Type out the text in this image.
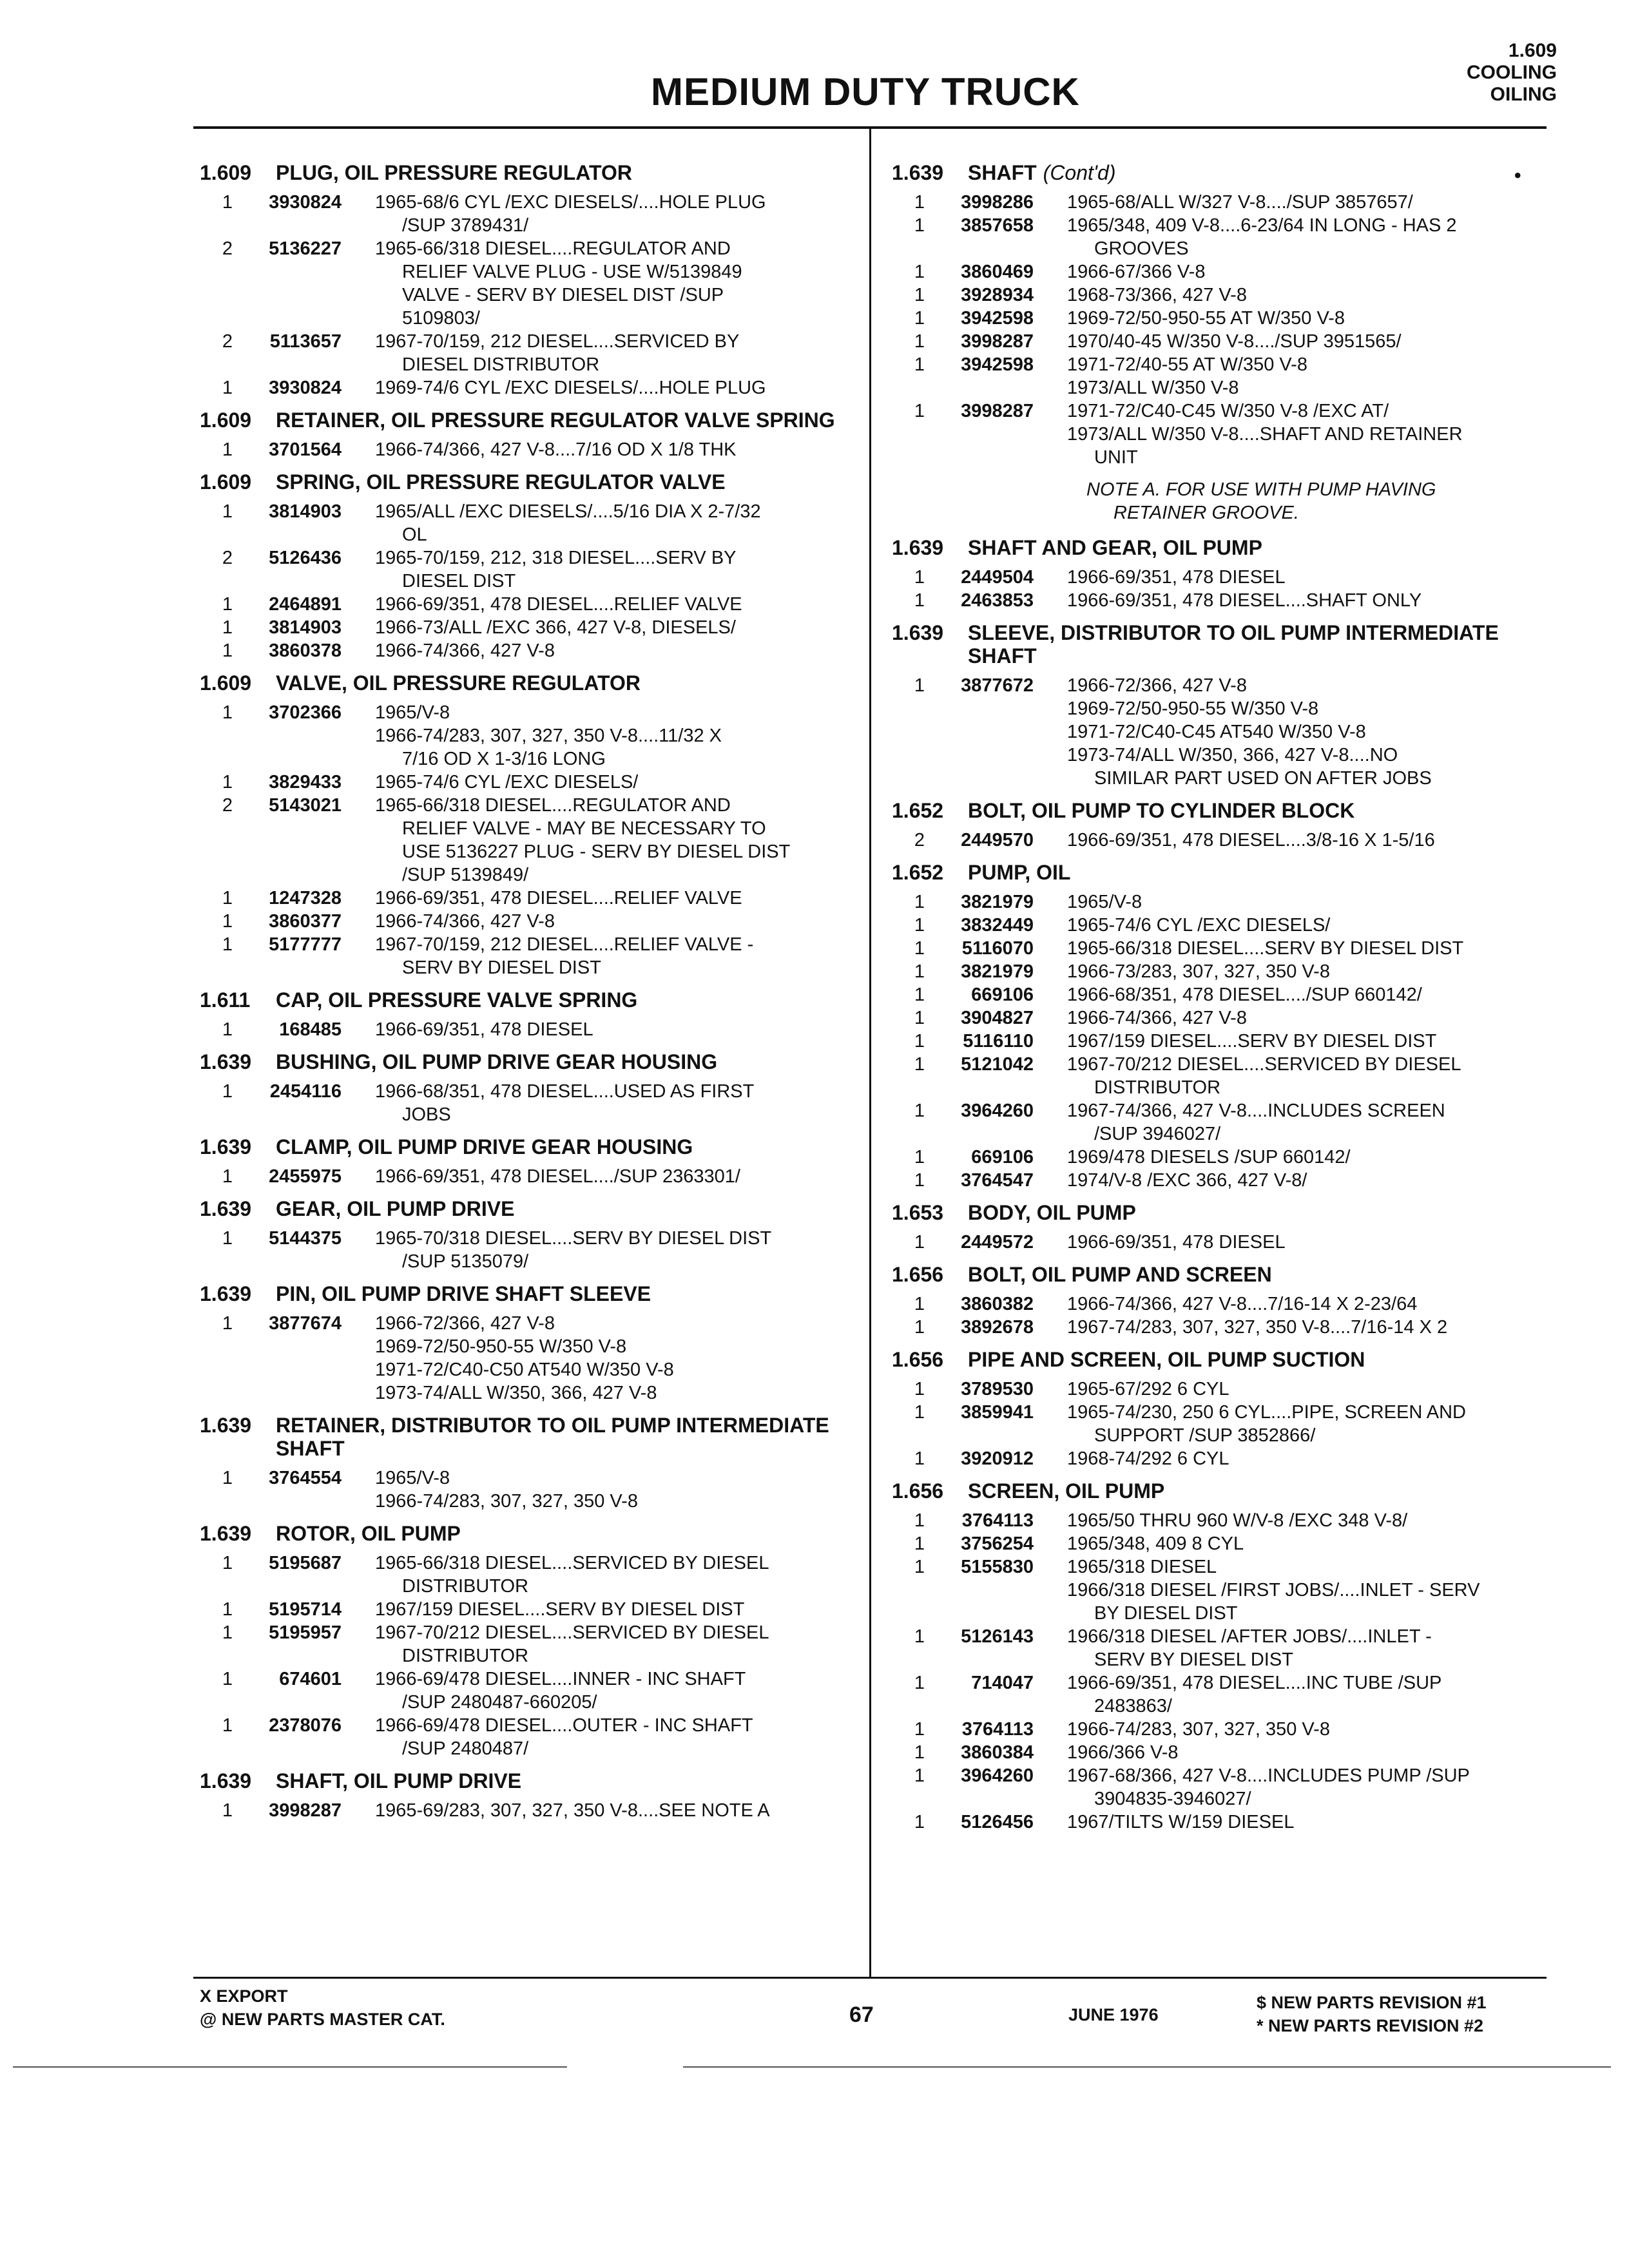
MEDIUM DUTY TRUCK
1.609
COOLING
OILING
•
1.609	PLUG, OIL PRESSURE REGULATOR
1	3930824 1965-68/6 CYL /EXC DIESELS/....HOLE PLUG
/SUP 3789431/
2	5136227 1965-66/318 DIESEL....REGULATOR AND
RELIEF VALVE PLUG - USE W/5139849
VALVE - SERV BY DIESEL DIST /SUP
5109803/
2	5113657 1967-70/159, 212 DIESEL....SERVICED BY
DIESEL DISTRIBUTOR
1	3930824 1969-74/6 CYL /EXC DIESELS/....HOLE PLUG
1.609	RETAINER, OIL PRESSURE REGULATOR VALVE SPRING
1	3701564 1966-74/366, 427 V-8....7/16 OD X 1/8 THK
1.609	SPRING, OIL PRESSURE REGULATOR VALVE
1	3814903 1965/ALL /EXC DIESELS/....5/16 DIA X 2-7/32
OL
2	5126436 1965-70/159, 212, 318 DIESEL....SERV BY
DIESEL DIST
1	2464891 1966-69/351, 478 DIESEL....RELIEF VALVE
1	3814903 1966-73/ALL /EXC 366, 427 V-8, DIESELS/
1	3860378 1966-74/366, 427 V-8
1.609	VALVE, OIL PRESSURE REGULATOR
1	3702366 1965/V-8
1966-74/283, 307, 327, 350 V-8....11/32 X
7/16 OD X 1-3/16 LONG
1	3829433 1965-74/6 CYL /EXC DIESELS/
2	5143021 1965-66/318 DIESEL....REGULATOR AND
RELIEF VALVE - MAY BE NECESSARY TO
USE 5136227 PLUG - SERV BY DIESEL DIST
/SUP 5139849/
1	1247328 1966-69/351, 478 DIESEL....RELIEF VALVE
1	3860377 1966-74/366, 427 V-8
1	5177777 1967-70/159, 212 DIESEL....RELIEF VALVE -
SERV BY DIESEL DIST
1.611	CAP, OIL PRESSURE VALVE SPRING
1	168485 1966-69/351, 478 DIESEL
1.639	BUSHING, OIL PUMP DRIVE GEAR HOUSING
1	2454116 1966-68/351, 478 DIESEL....USED AS FIRST
JOBS
1.639	CLAMP, OIL PUMP DRIVE GEAR HOUSING
1	2455975 1966-69/351, 478 DIESEL..../SUP 2363301/
1.639	GEAR, OIL PUMP DRIVE
1	5144375 1965-70/318 DIESEL....SERV BY DIESEL DIST
/SUP 5135079/
1.639	PIN, OIL PUMP DRIVE SHAFT SLEEVE
1	3877674 1966-72/366, 427 V-8
1969-72/50-950-55 W/350 V-8
1971-72/C40-C50 AT540 W/350 V-8
1973-74/ALL W/350, 366, 427 V-8
1.639	RETAINER, DISTRIBUTOR TO OIL PUMP INTERMEDIATE SHAFT
1	3764554 1965/V-8
1966-74/283, 307, 327, 350 V-8
1.639	ROTOR, OIL PUMP
1	5195687 1965-66/318 DIESEL....SERVICED BY DIESEL
DISTRIBUTOR
1	5195714 1967/159 DIESEL....SERV BY DIESEL DIST
1	5195957 1967-70/212 DIESEL....SERVICED BY DIESEL
DISTRIBUTOR
1	674601 1966-69/478 DIESEL....INNER - INC SHAFT
/SUP 2480487-660205/
1	2378076 1966-69/478 DIESEL....OUTER - INC SHAFT
/SUP 2480487/
1.639	SHAFT, OIL PUMP DRIVE
1	3998287 1965-69/283, 307, 327, 350 V-8....SEE NOTE A
1.639	SHAFT (Cont'd)
1	3998286 1965-68/ALL W/327 V-8..../SUP 3857657/
1	3857658 1965/348, 409 V-8....6-23/64 IN LONG - HAS 2
GROOVES
1	3860469 1966-67/366 V-8
1	3928934 1968-73/366, 427 V-8
1	3942598 1969-72/50-950-55 AT W/350 V-8
1	3998287 1970/40-45 W/350 V-8..../SUP 3951565/
1	3942598 1971-72/40-55 AT W/350 V-8
1973/ALL W/350 V-8
1	3998287 1971-72/C40-C45 W/350 V-8 /EXC AT/
1973/ALL W/350 V-8....SHAFT AND RETAINER
UNIT
NOTE A. FOR USE WITH PUMP HAVING
RETAINER GROOVE.
1.639	SHAFT AND GEAR, OIL PUMP
1	2449504 1966-69/351, 478 DIESEL
1	2463853 1966-69/351, 478 DIESEL....SHAFT ONLY
1.639	SLEEVE, DISTRIBUTOR TO OIL PUMP INTERMEDIATE SHAFT
1	3877672 1966-72/366, 427 V-8
1969-72/50-950-55 W/350 V-8
1971-72/C40-C45 AT540 W/350 V-8
1973-74/ALL W/350, 366, 427 V-8....NO
SIMILAR PART USED ON AFTER JOBS
1.652	BOLT, OIL PUMP TO CYLINDER BLOCK
2	2449570 1966-69/351, 478 DIESEL....3/8-16 X 1-5/16
1.652	PUMP, OIL
1	3821979 1965/V-8
1	3832449 1965-74/6 CYL /EXC DIESELS/
1	5116070 1965-66/318 DIESEL....SERV BY DIESEL DIST
1	3821979 1966-73/283, 307, 327, 350 V-8
1	669106 1966-68/351, 478 DIESEL..../SUP 660142/
1	3904827 1966-74/366, 427 V-8
1	5116110 1967/159 DIESEL....SERV BY DIESEL DIST
1	5121042 1967-70/212 DIESEL....SERVICED BY DIESEL
DISTRIBUTOR
1	3964260 1967-74/366, 427 V-8....INCLUDES SCREEN
/SUP 3946027/
1	669106 1969/478 DIESELS /SUP 660142/
1	3764547 1974/V-8 /EXC 366, 427 V-8/
1.653	BODY, OIL PUMP
1	2449572 1966-69/351, 478 DIESEL
1.656	BOLT, OIL PUMP AND SCREEN
1	3860382 1966-74/366, 427 V-8....7/16-14 X 2-23/64
1	3892678 1967-74/283, 307, 327, 350 V-8....7/16-14 X 2
1.656	PIPE AND SCREEN, OIL PUMP SUCTION
1	3789530 1965-67/292 6 CYL
1	3859941 1965-74/230, 250 6 CYL....PIPE, SCREEN AND
SUPPORT /SUP 3852866/
1	3920912 1968-74/292 6 CYL
1.656	SCREEN, OIL PUMP
1	3764113 1965/50 THRU 960 W/V-8 /EXC 348 V-8/
1	3756254 1965/348, 409 8 CYL
1	5155830 1965/318 DIESEL
1966/318 DIESEL /FIRST JOBS/....INLET - SERV
BY DIESEL DIST
1	5126143 1966/318 DIESEL /AFTER JOBS/....INLET -
SERV BY DIESEL DIST
1	714047 1966-69/351, 478 DIESEL....INC TUBE /SUP
2483863/
1	3764113 1966-74/283, 307, 327, 350 V-8
1	3860384 1966/366 V-8
1	3964260 1967-68/366, 427 V-8....INCLUDES PUMP /SUP
3904835-3946027/
1	5126456 1967/TILTS W/159 DIESEL
X EXPORT
@ NEW PARTS MASTER CAT.	67	JUNE 1976
$ NEW PARTS REVISION #1
* NEW PARTS REVISION #2
